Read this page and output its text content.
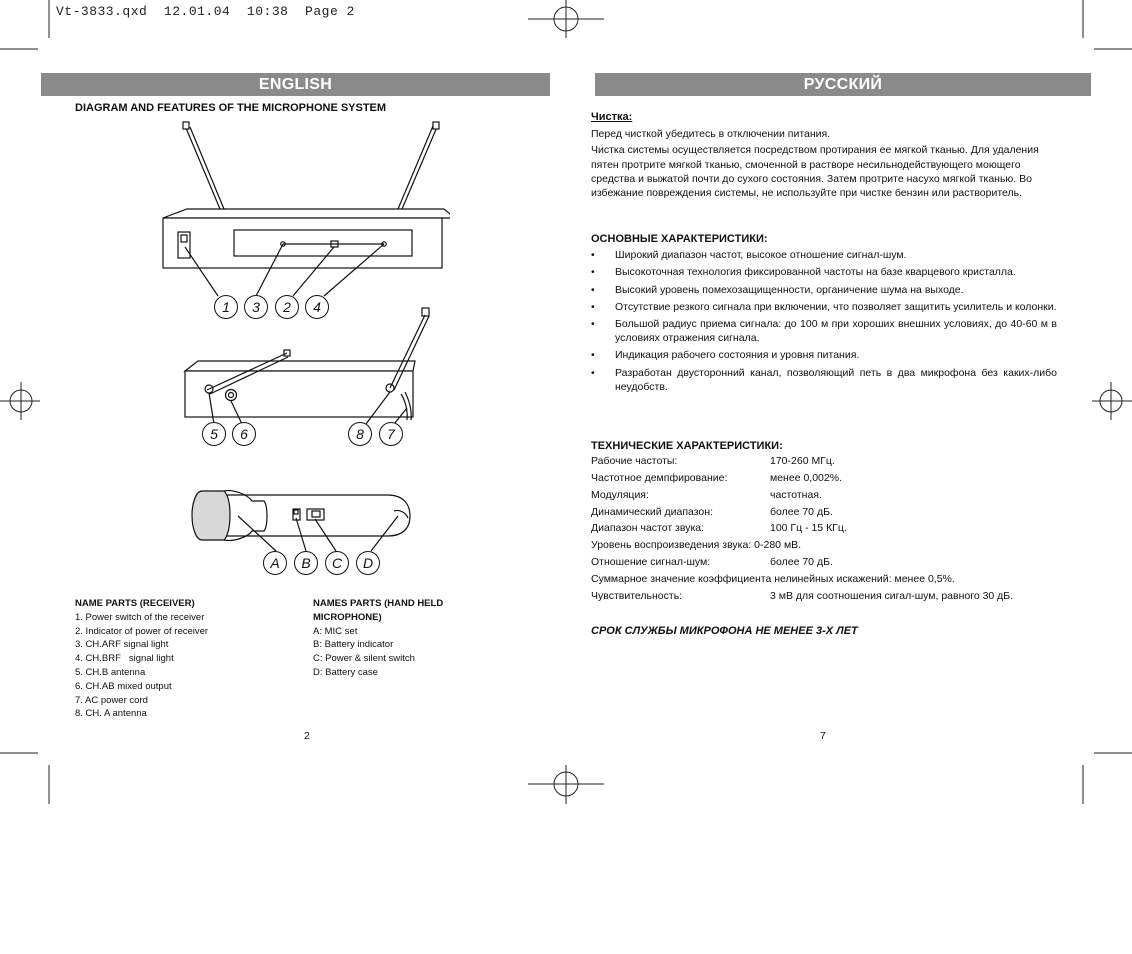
Vt-3833.qxd  12.01.04  10:38  Page 2
ENGLISH	РУССКИЙ
DIAGRAM AND FEATURES OF THE MICROPHONE SYSTEM
1 3 2 4
5 6	8 7
A B C D
NAME PARTS (RECEIVER)
1. Power switch of the receiver
2. Indicator of power of receiver
3. CH.ARF signal light
4. CH.BRF   signal light
5. CH.B antenna
6. CH.AB mixed output
7. AC power cord
8. CH. A antenna
NAMES PARTS (HAND HELD
MICROPHONE)
A: MIC set
B: Battery indicator
C: Power & silent switch
D: Battery case
2	7

Чистка:

Перед чисткой убедитесь в отключении питания.

Чистка системы осуществляется посредством протирания ее мягкой тканью. Для удаления пятен протрите мягкой тканью, смоченной в растворе несильнодействующего моющего средства и выжатой почти до сухого состояния. Затем протрите насухо мягкой тканью. Во избежание повреждения системы, не используйте при чистке бензин или растворитель.

ОСНОВНЫЕ ХАРАКТЕРИСТИКИ:

•	Широкий диапазон частот, высокое отношение сигнал-шум.
•	Высокоточная технология фиксированной частоты на базе кварцевого кристалла.
•	Высокий уровень помехозащищенности, органичение шума на выходе.
•	Отсутствие резкого сигнала при включении, что позволяет защитить усилитель и колонки.
•	Большой радиус приема сигнала: до 100 м при хороших внешних условиях, до 40-60 м в условиях отражения сигнала.
•	Индикация рабочего состояния и уровня питания.
•	Разработан двусторонний канал, позволяющий петь в два микрофона без каких-либо неудобств.

ТЕХНИЧЕСКИЕ ХАРАКТЕРИСТИКИ:

Рабочие частоты:	170-260 МГц.
Частотное демпфирование:	менее 0,002%.
Модуляция:	частотная.
Динамический диапазон:	более 70 дБ.
Диапазон частот звука:	100 Гц - 15 КГц.
Уровень воспроизведения звука: 0-280 мВ.
Отношение сигнал-шум:	более 70 дБ.
Суммарное значение коэффициента нелинейных искажений: менее 0,5%.
Чувствительность:	3 мВ для соотношения сигал-шум, равного 30 дБ.
СРОК СЛУЖБЫ МИКРОФОНА НЕ МЕНЕЕ 3-Х ЛЕТ
